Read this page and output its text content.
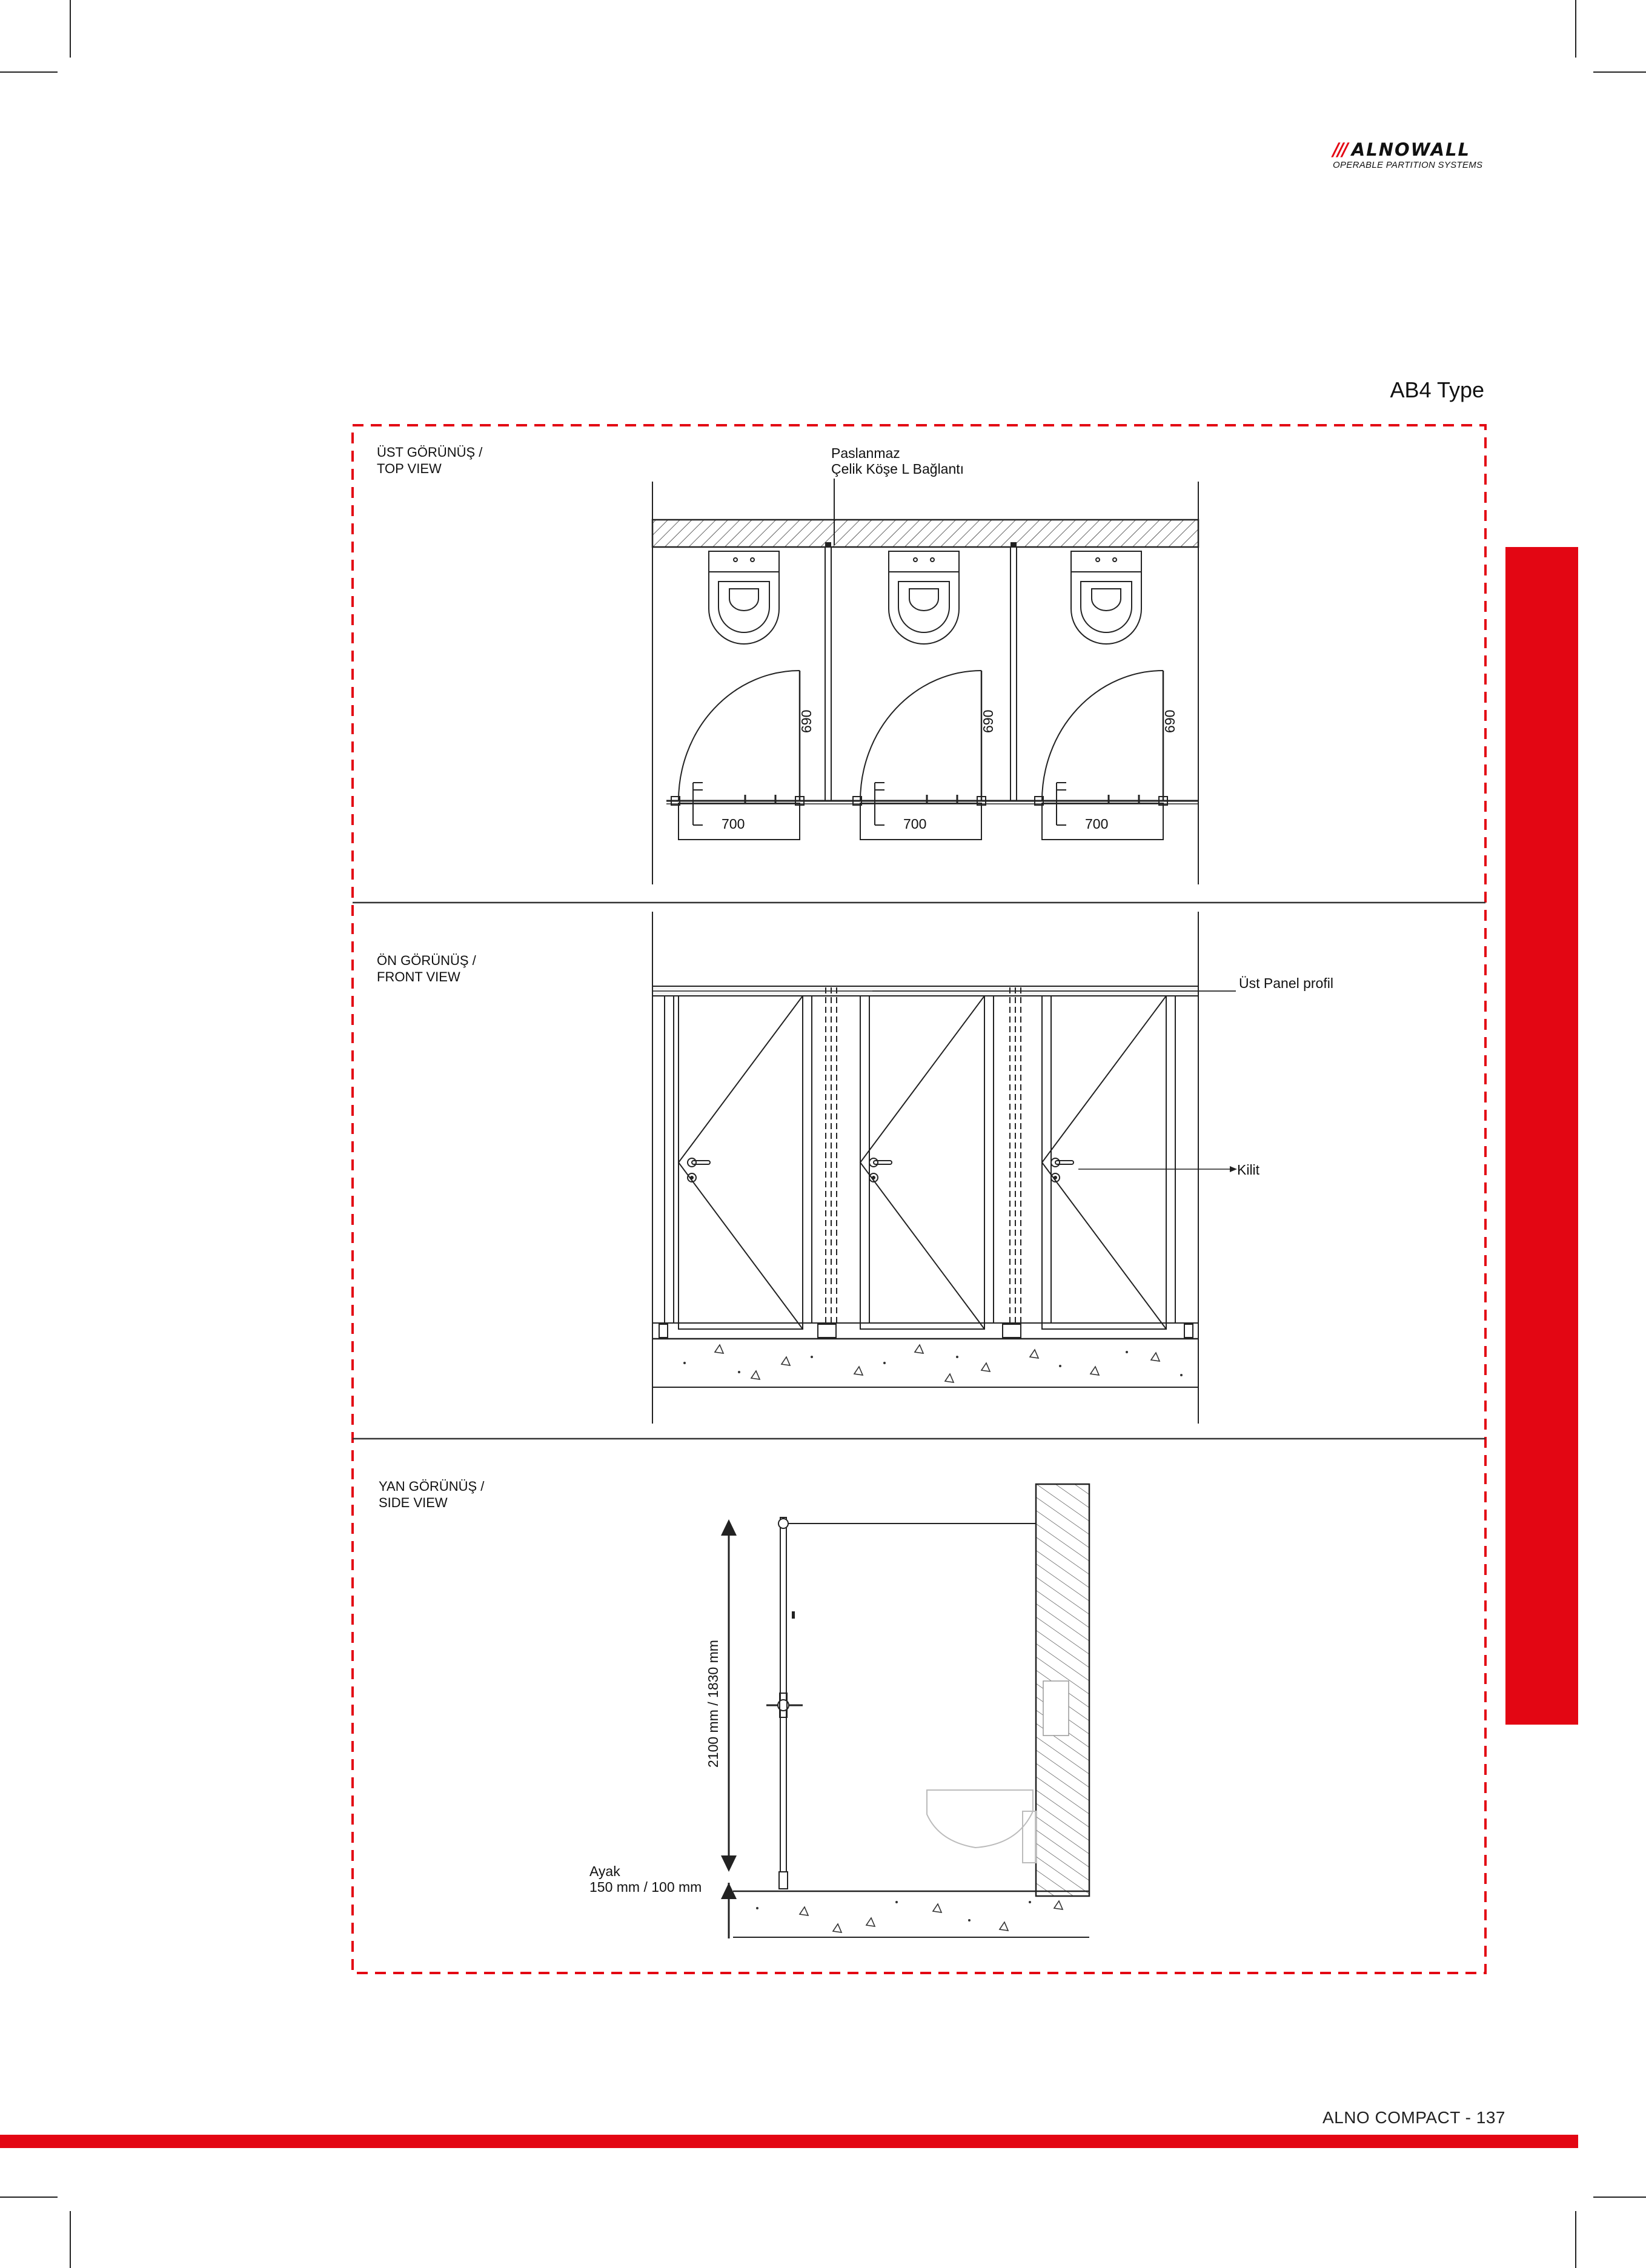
/// ALNOWALL
OPERABLE PARTITION SYSTEMS
AB4 Type
ÜST GÖRÜNÜŞ /
TOP VIEW
ÖN GÖRÜNÜŞ /
FRONT VIEW
YAN GÖRÜNÜŞ /
SIDE VIEW
Paslanmaz
Çelik Köşe L Bağlantı
700	700	700
690	690	690
Üst Panel profil
Kilit
2100 mm / 1830 mm
Ayak
150 mm / 100 mm
ALNO COMPACT - 137
